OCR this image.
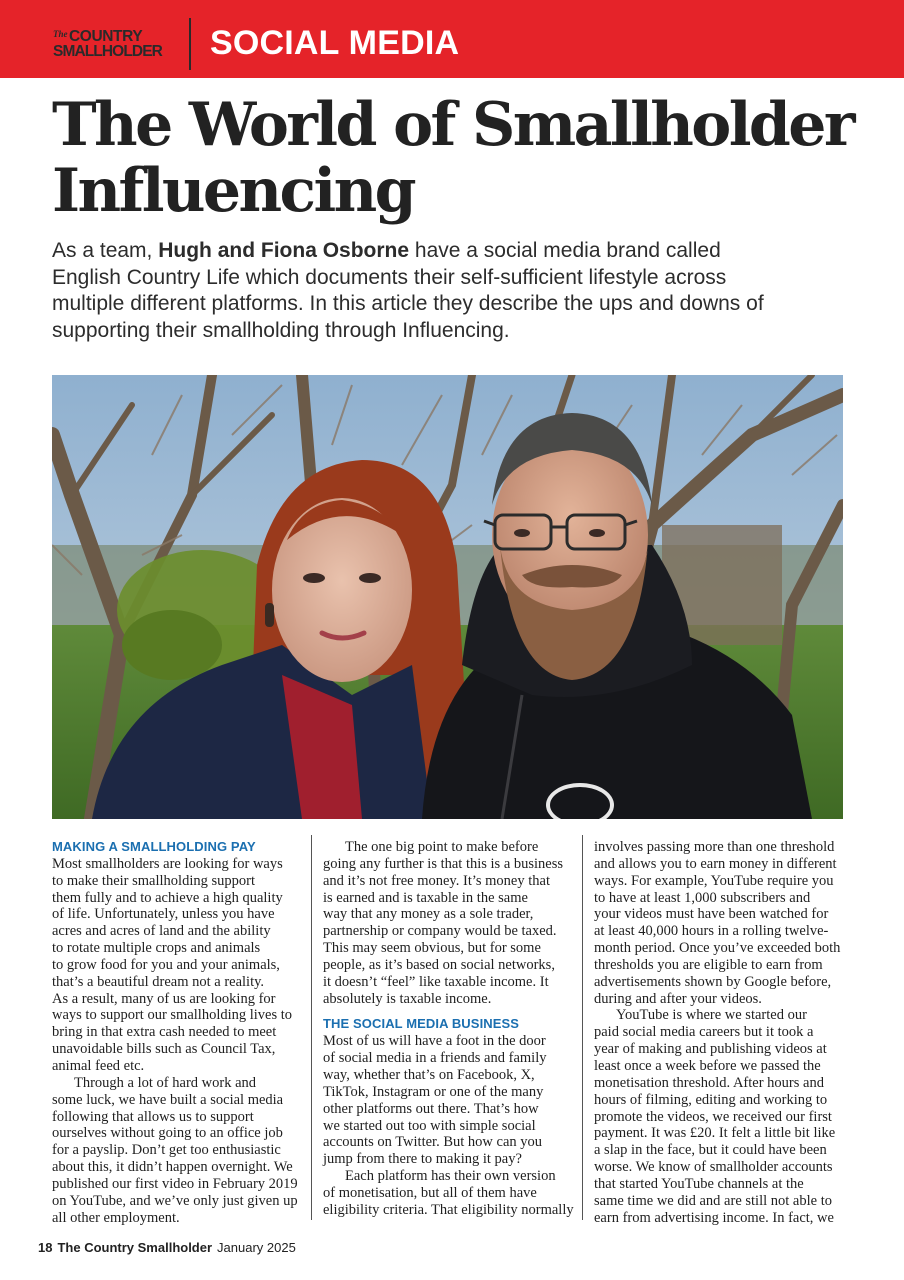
The COUNTRY
SMALLHOLDER SOCIAL MEDIA
The World of Smallholder
Influencing
As a team, Hugh and Fiona Osborne have a social media brand called
English Country Life which documents their self-sufficient lifestyle across
multiple different platforms. In this article they describe the ups and downs of
supporting their smallholding through Influencing.
MAKING A SMALLHOLDING PAY
Most smallholders are looking for ways
to make their smallholding support
them fully and to achieve a high quality
of life. Unfortunately, unless you have
acres and acres of land and the ability
to rotate multiple crops and animals
to grow food for you and your animals,
that’s a beautiful dream not a reality.
As a result, many of us are looking for
ways to support our smallholding lives to
bring in that extra cash needed to meet
unavoidable bills such as Council Tax,
animal feed etc.
Through a lot of hard work and
some luck, we have built a social media
following that allows us to support
ourselves without going to an office job
for a payslip. Don’t get too enthusiastic
about this, it didn’t happen overnight. We
published our first video in February 2019
on YouTube, and we’ve only just given up
all other employment.
The one big point to make before
going any further is that this is a business
and it’s not free money. It’s money that
is earned and is taxable in the same
way that any money as a sole trader,
partnership or company would be taxed.
This may seem obvious, but for some
people, as it’s based on social networks,
it doesn’t “feel” like taxable income. It
absolutely is taxable income.
THE SOCIAL MEDIA BUSINESS
Most of us will have a foot in the door
of social media in a friends and family
way, whether that’s on Facebook, X,
TikTok, Instagram or one of the many
other platforms out there. That’s how
we started out too with simple social
accounts on Twitter. But how can you
jump from there to making it pay?
Each platform has their own version
of monetisation, but all of them have
eligibility criteria. That eligibility normally
involves passing more than one threshold
and allows you to earn money in different
ways. For example, YouTube require you
to have at least 1,000 subscribers and
your videos must have been watched for
at least 40,000 hours in a rolling twelve-
month period. Once you’ve exceeded both
thresholds you are eligible to earn from
advertisements shown by Google before,
during and after your videos.
YouTube is where we started our
paid social media careers but it took a
year of making and publishing videos at
least once a week before we passed the
monetisation threshold. After hours and
hours of filming, editing and working to
promote the videos, we received our first
payment. It was £20. It felt a little bit like
a slap in the face, but it could have been
worse. We know of smallholder accounts
that started YouTube channels at the
same time we did and are still not able to
earn from advertising income. In fact, we
18 The Country Smallholder January 2025
